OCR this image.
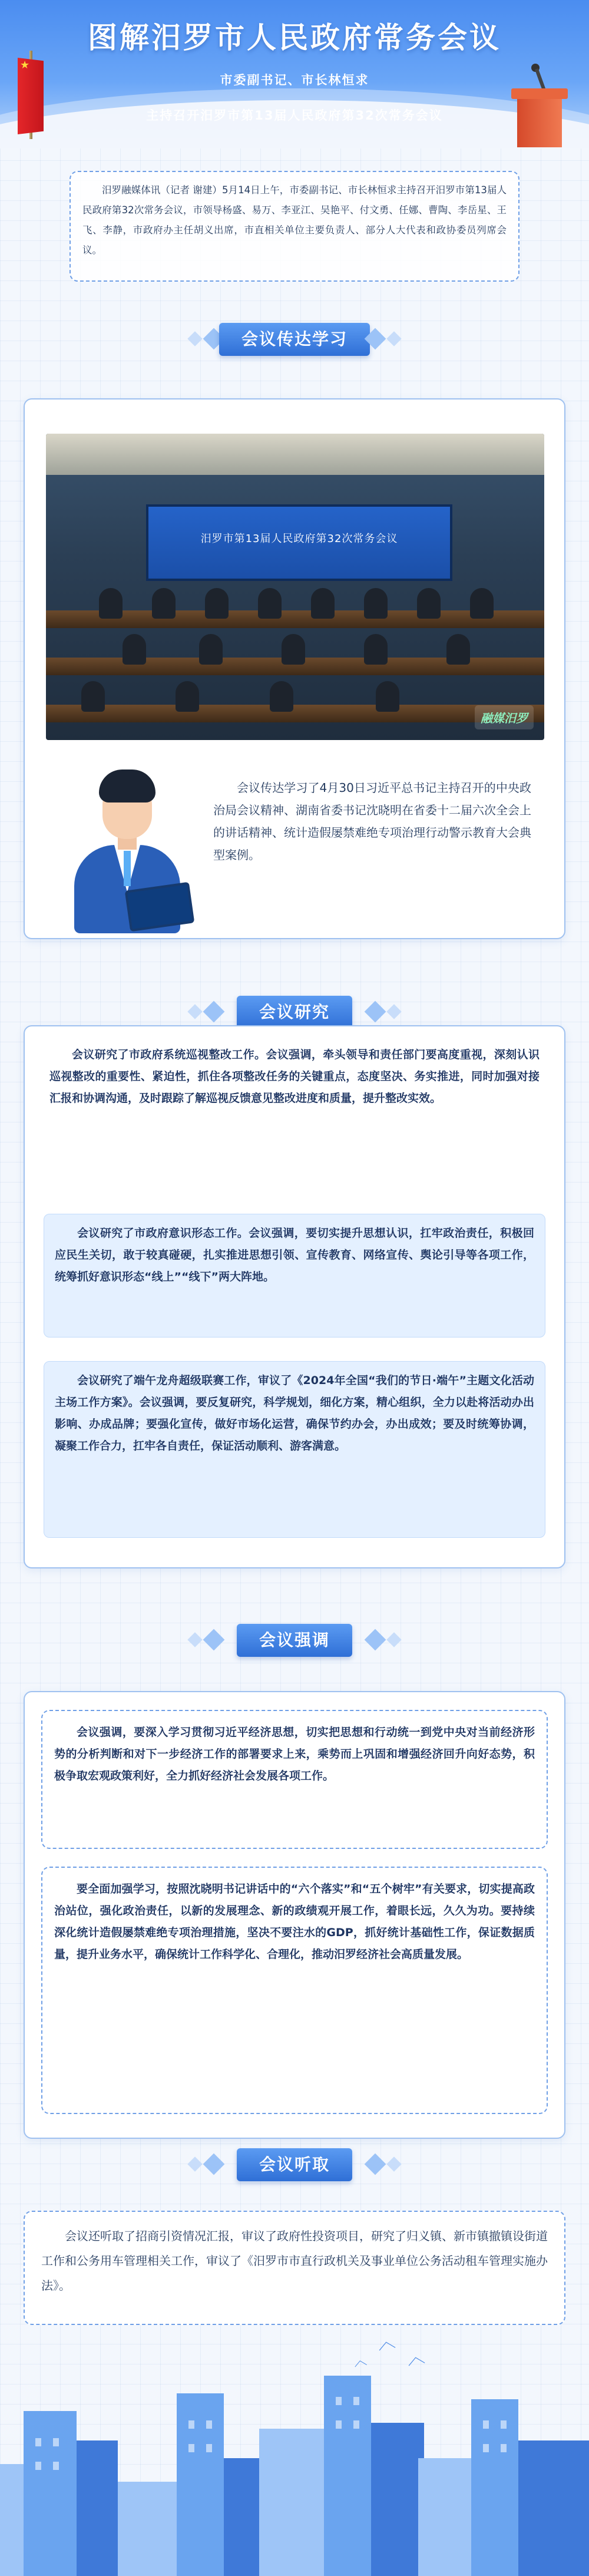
★
图解汨罗市人民政府常务会议
市委副书记、市长林恒求
主持召开汨罗市第13届人民政府第32次常务会议

汨罗融媒体讯（记者 谢建）5月14日上午，市委副书记、市长林恒求主持召开汨罗市第13届人民政府第32次常务会议，市领导杨盛、易万、李亚江、吴艳平、付文勇、任娜、曹陶、李岳星、王飞、李静，市政府办主任胡义出席，市直相关单位主要负责人、部分人大代表和政协委员列席会议。

会议传达学习
汨罗市第13届人民政府第32次常务会议
融媒汨罗

会议传达学习了4月30日习近平总书记主持召开的中央政治局会议精神、湖南省委书记沈晓明在省委十二届六次全会上的讲话精神、统计造假屡禁难绝专项治理行动警示教育大会典型案例。

会议研究

会议研究了市政府系统巡视整改工作。会议强调，牵头领导和责任部门要高度重视，深刻认识巡视整改的重要性、紧迫性，抓住各项整改任务的关键重点，态度坚决、务实推进，同时加强对接汇报和协调沟通，及时跟踪了解巡视反馈意见整改进度和质量，提升整改实效。

会议研究了市政府意识形态工作。会议强调，要切实提升思想认识，扛牢政治责任，积极回应民生关切，敢于较真碰硬，扎实推进思想引领、宣传教育、网络宣传、舆论引导等各项工作，统筹抓好意识形态“线上”“线下”两大阵地。

会议研究了端午龙舟超级联赛工作，审议了《2024年全国“我们的节日·端午”主题文化活动主场工作方案》。会议强调，要反复研究，科学规划，细化方案，精心组织，全力以赴将活动办出影响、办成品牌；要强化宣传，做好市场化运营，确保节约办会，办出成效；要及时统筹协调，凝聚工作合力，扛牢各自责任，保证活动顺利、游客满意。

会议强调

会议强调，要深入学习贯彻习近平经济思想，切实把思想和行动统一到党中央对当前经济形势的分析判断和对下一步经济工作的部署要求上来，乘势而上巩固和增强经济回升向好态势，积极争取宏观政策利好，全力抓好经济社会发展各项工作。

要全面加强学习，按照沈晓明书记讲话中的“六个落实”和“五个树牢”有关要求，切实提高政治站位，强化政治责任，以新的发展理念、新的政绩观开展工作，着眼长远，久久为功。要持续深化统计造假屡禁难绝专项治理措施，坚决不要注水的GDP，抓好统计基础性工作，保证数据质量，提升业务水平，确保统计工作科学化、合理化，推动汨罗经济社会高质量发展。

会议听取

会议还听取了招商引资情况汇报，审议了政府性投资项目，研究了归义镇、新市镇撤镇设街道工作和公务用车管理相关工作，审议了《汨罗市市直行政机关及事业单位公务活动租车管理实施办法》。

︿
︿
︿
